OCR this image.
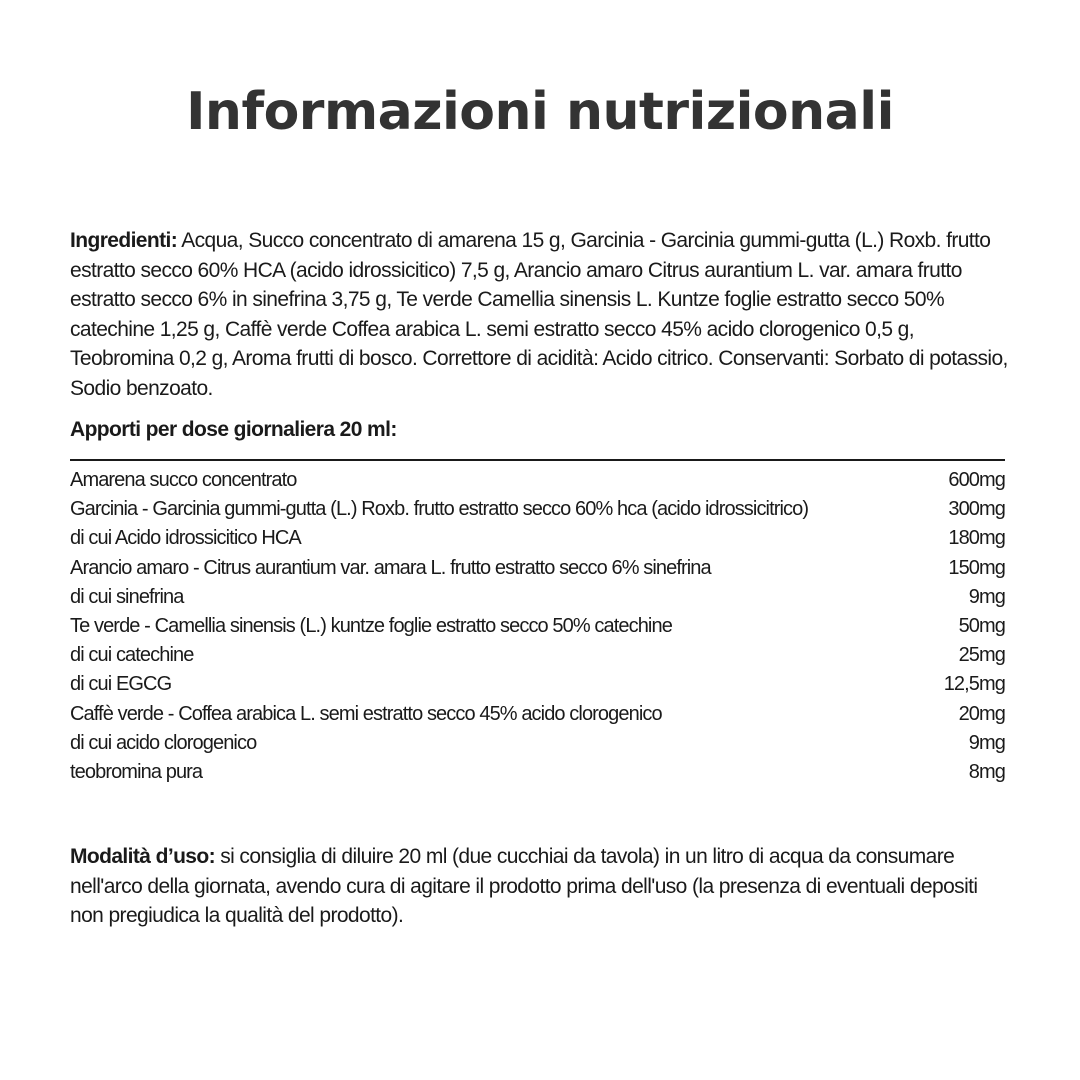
Informazioni nutrizionali

Ingredienti: Acqua, Succo concentrato di amarena 15 g, Garcinia - Garcinia gummi-gutta (L.) Roxb. frutto estratto secco 60% HCA (acido idrossicitico) 7,5 g, Arancio amaro Citrus aurantium L. var. amara frutto estratto secco 6% in sinefrina 3,75 g, Te verde Camellia sinensis L. Kuntze foglie estratto secco 50% catechine 1,25 g, Caffè verde Coffea arabica L. semi estratto secco 45% acido clorogenico 0,5 g, Teobromina 0,2 g, Aroma frutti di bosco. Correttore di acidità: Acido citrico. Conservanti: Sorbato di potassio, Sodio benzoato.

Apporti per dose giornaliera 20 ml:
Amarena succo concentrato	600mg
Garcinia - Garcinia gummi-gutta (L.) Roxb. frutto estratto secco 60% hca (acido idrossicitrico)	300mg
di cui Acido idrossicitico HCA	180mg
Arancio amaro - Citrus aurantium var. amara L. frutto estratto secco 6% sinefrina	150mg
di cui sinefrina	9mg
Te verde - Camellia sinensis (L.) kuntze foglie estratto secco 50% catechine	50mg
di cui catechine	25mg
di cui EGCG	12,5mg
Caffè verde - Coffea arabica L. semi estratto secco 45% acido clorogenico	20mg
di cui acido clorogenico	9mg
teobromina pura	8mg

Modalità d’uso: si consiglia di diluire 20 ml (due cucchiai da tavola) in un litro di acqua da consumare nell'arco della giornata, avendo cura di agitare il prodotto prima dell'uso (la presenza di eventuali depositi non pregiudica la qualità del prodotto).
